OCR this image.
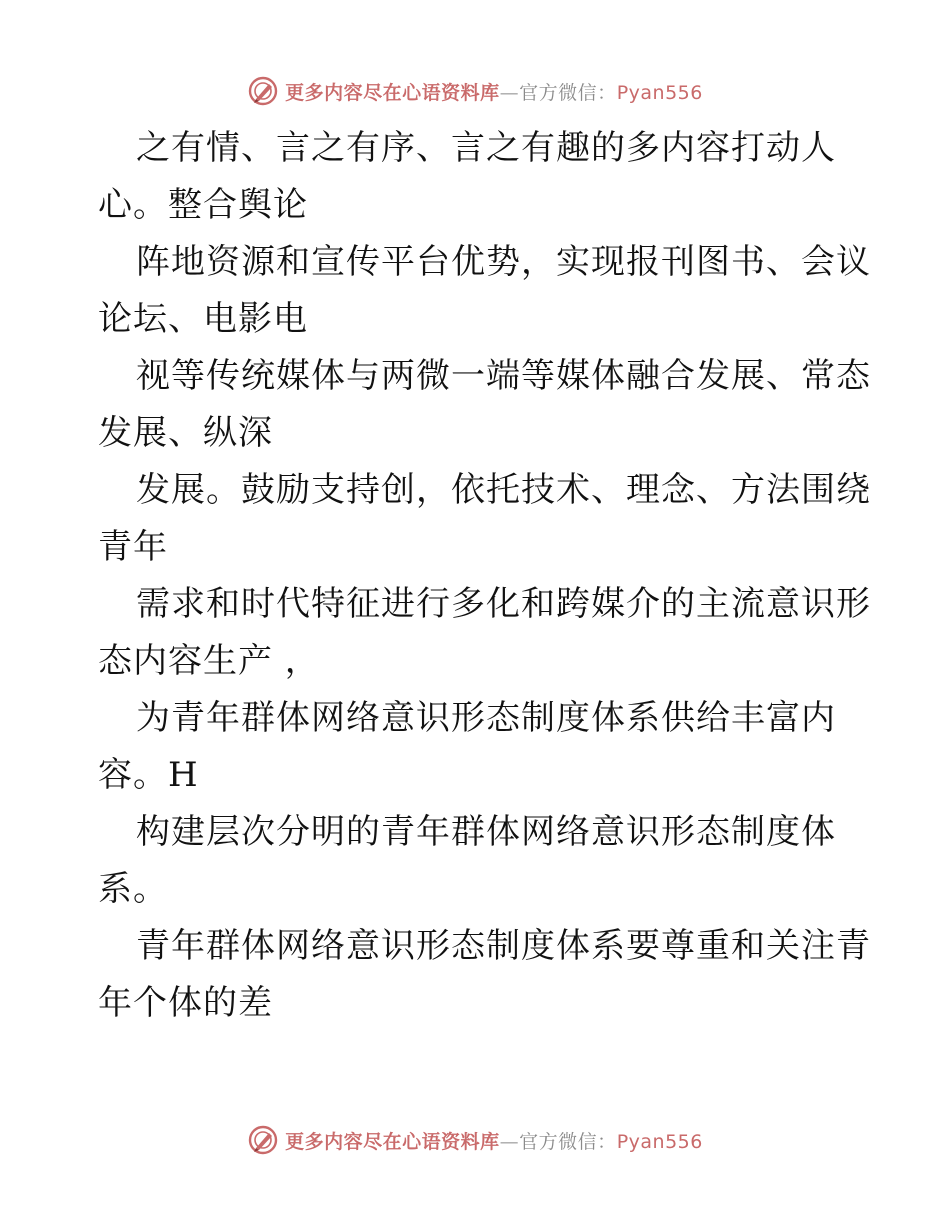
更多内容尽在心语资料库—官方微信：Pyan556
之有情、言之有序、言之有趣的多内容打动人
心。整合舆论
阵地资源和宣传平台优势，实现报刊图书、会议
论坛、电影电
视等传统媒体与两微一端等媒体融合发展、常态
发展、纵深
发展。鼓励支持创，依托技术、理念、方法围绕
青年
需求和时代特征进行多化和跨媒介的主流意识形
态内容生产 ，
为青年群体网络意识形态制度体系供给丰富内
容。H
构建层次分明的青年群体网络意识形态制度体
系。
青年群体网络意识形态制度体系要尊重和关注青
年个体的差
更多内容尽在心语资料库—官方微信：Pyan556
